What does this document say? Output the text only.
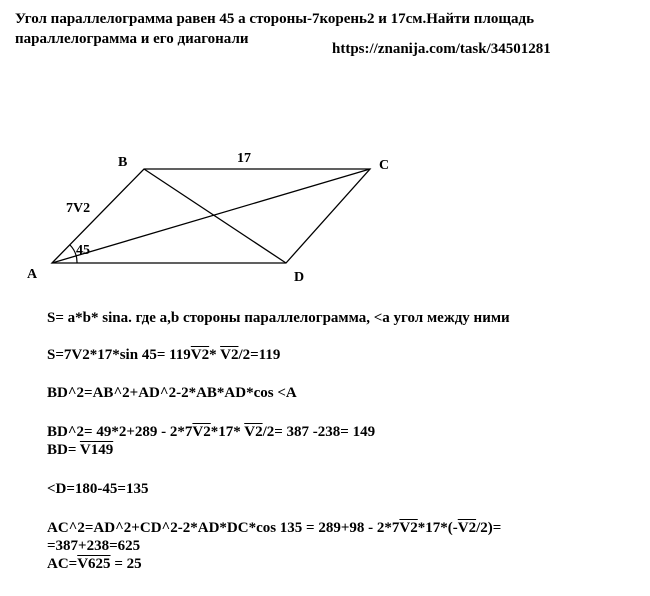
Угол параллелограмма равен 45 а стороны-7корень2 и 17см.Найти площадь
параллелограмма и его диагонали
https://znanija.com/task/34501281
B	17	C
7V2
45
A	D
S= a*b* sina. где a,b стороны параллелограмма, <a угол между ними
S=7V2*17*sin 45= 119V2* V2/2=119
BD^2=AB^2+AD^2-2*AB*AD*cos <A
BD^2= 49*2+289 - 2*7V2*17* V2/2= 387 -238= 149
BD= V149
<D=180-45=135
AC^2=AD^2+CD^2-2*AD*DC*cos 135 = 289+98 - 2*7V2*17*(-V2/2)=
=387+238=625
AC=V625 = 25
